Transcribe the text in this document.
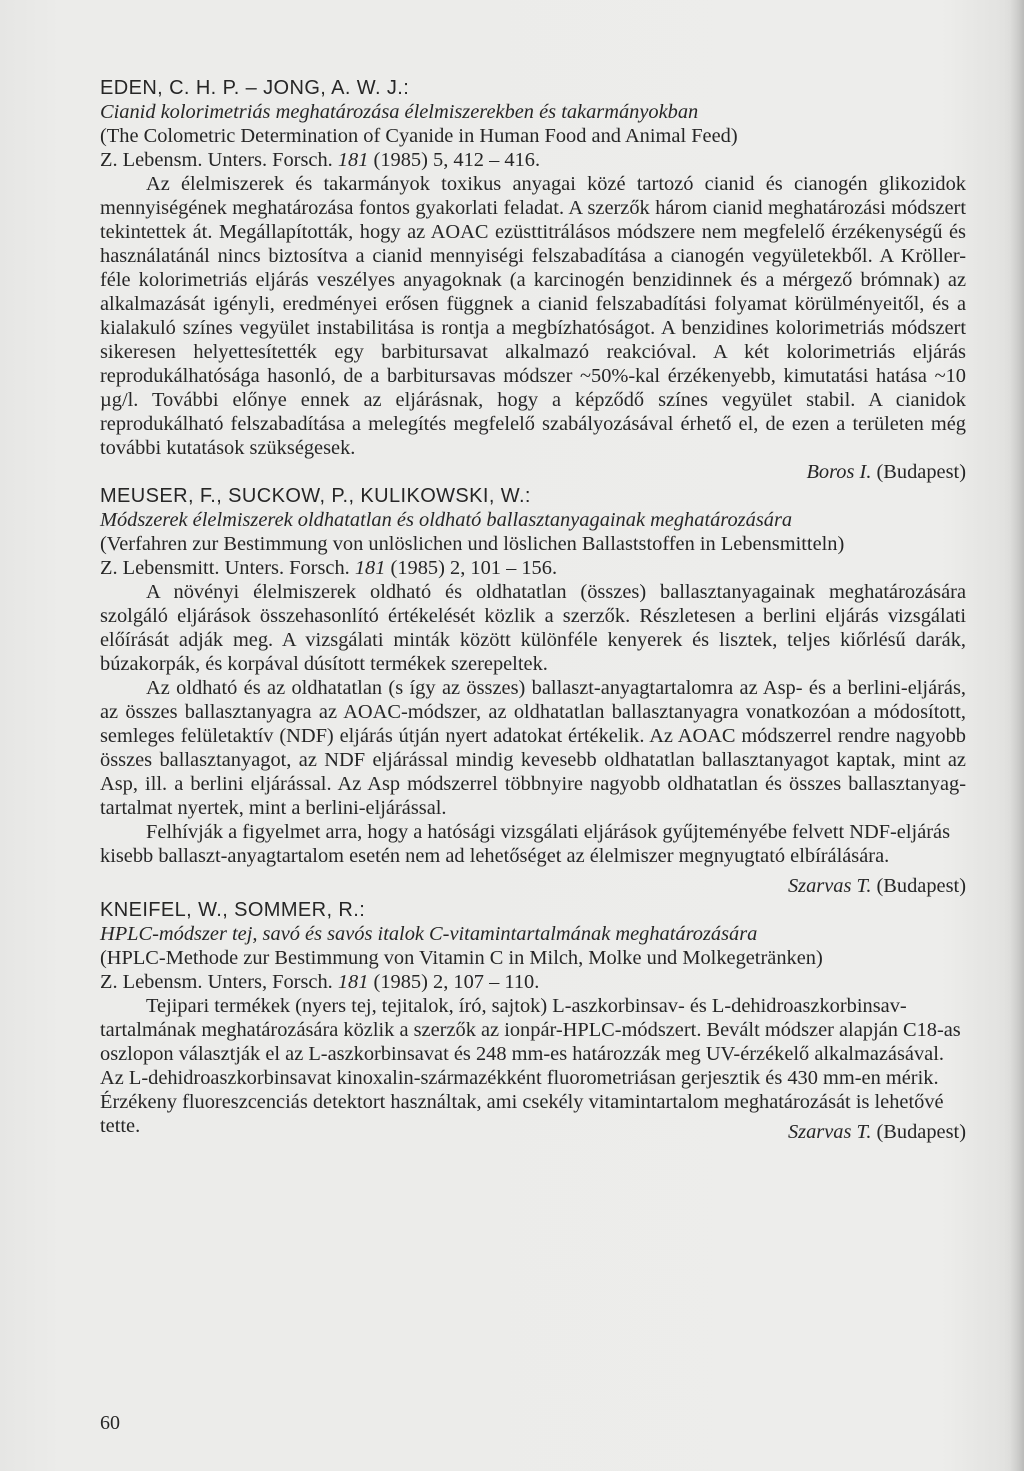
EDEN, C. H. P. – JONG, A. W. J.:

Cianid kolorimetriás meghatározása élelmiszerekben és takarmányokban

(The Colometric Determination of Cyanide in Human Food and Animal Feed)

Z. Lebensm. Unters. Forsch. 181 (1985) 5, 412 – 416.

Az élelmiszerek és takarmányok toxikus anyagai közé tartozó cianid és cianogén glikozidok mennyiségének meghatározása fontos gyakorlati feladat. A szerzők három cianid meghatározási módszert tekintettek át. Megállapították, hogy az AOAC ezüsttitrálásos módszere nem megfelelő érzékenységű és használatánál nincs biztosítva a cianid mennyiségi felszabadítása a cianogén vegyületekből. A Kröller-féle kolorimetriás eljárás veszélyes anyagoknak (a karcinogén benzidinnek és a mérgező brómnak) az alkalmazását igényli, eredményei erősen függnek a cianid felszabadítási folyamat körülményeitől, és a kialakuló színes vegyület instabilitása is rontja a megbízhatóságot. A benzidines kolorimetriás módszert sikeresen helyettesítették egy barbitursavat alkalmazó reakcióval. A két kolorimetriás eljárás reprodukálhatósága hasonló, de a barbitursavas módszer ~50%-kal érzékenyebb, kimutatási hatása ~10 µg/l. További előnye ennek az eljárásnak, hogy a képződő színes vegyület stabil. A cianidok reprodukálható felszabadítása a melegítés megfelelő szabályozásával érhető el, de ezen a területen még további kutatások szükségesek.

Boros I. (Budapest)

MEUSER, F., SUCKOW, P., KULIKOWSKI, W.:

Módszerek élelmiszerek oldhatatlan és oldható ballasztanyagainak meghatározására

(Verfahren zur Bestimmung von unlöslichen und löslichen Ballaststoffen in Lebensmitteln)

Z. Lebensmitt. Unters. Forsch. 181 (1985) 2, 101 – 156.

A növényi élelmiszerek oldható és oldhatatlan (összes) ballasztanyagainak meghatározására szolgáló eljárások összehasonlító értékelését közlik a szerzők. Részletesen a berlini eljárás vizsgálati előírását adják meg. A vizsgálati minták között különféle kenyerek és lisztek, teljes kiőrlésű darák, búzakorpák, és korpával dúsított termékek szerepeltek.

Az oldható és az oldhatatlan (s így az összes) ballaszt-anyagtartalomra az Asp- és a berlini-eljárás, az összes ballasztanyagra az AOAC-módszer, az oldhatatlan ballasztanyagra vonatkozóan a módosított, semleges felületaktív (NDF) eljárás útján nyert adatokat értékelik. Az AOAC módszerrel rendre nagyobb összes ballasztanyagot, az NDF eljárással mindig kevesebb oldhatatlan ballasztanyagot kaptak, mint az Asp, ill. a berlini eljárással. Az Asp módszerrel többnyire nagyobb oldhatatlan és összes ballasztanyag-tartalmat nyertek, mint a berlini-eljárással.

Felhívják a figyelmet arra, hogy a hatósági vizsgálati eljárások gyűjteményébe felvett NDF-eljárás kisebb ballaszt-anyagtartalom esetén nem ad lehetőséget az élelmiszer megnyugtató elbírálására.
Szarvas T. (Budapest)

KNEIFEL, W., SOMMER, R.:

HPLC-módszer tej, savó és savós italok C-vitamintartalmának meghatározására

(HPLC-Methode zur Bestimmung von Vitamin C in Milch, Molke und Molkegetränken)

Z. Lebensm. Unters, Forsch. 181 (1985) 2, 107 – 110.

Tejipari termékek (nyers tej, tejitalok, író, sajtok) L-aszkorbinsav- és L-dehidroaszkorbinsav-tartalmának meghatározására közlik a szerzők az ionpár-HPLC-módszert. Bevált módszer alapján C18-as oszlopon választják el az L-aszkorbinsavat és 248 mm-es határozzák meg UV-érzékelő alkalmazásával. Az L-dehidroaszkorbinsavat kinoxalin-származékként fluorometriásan gerjesztik és 430 mm-en mérik. Érzékeny fluoreszcenciás detektort használtak, ami csekély vitamintartalom meghatározását is lehetővé tette.	Szarvas T. (Budapest)

60
